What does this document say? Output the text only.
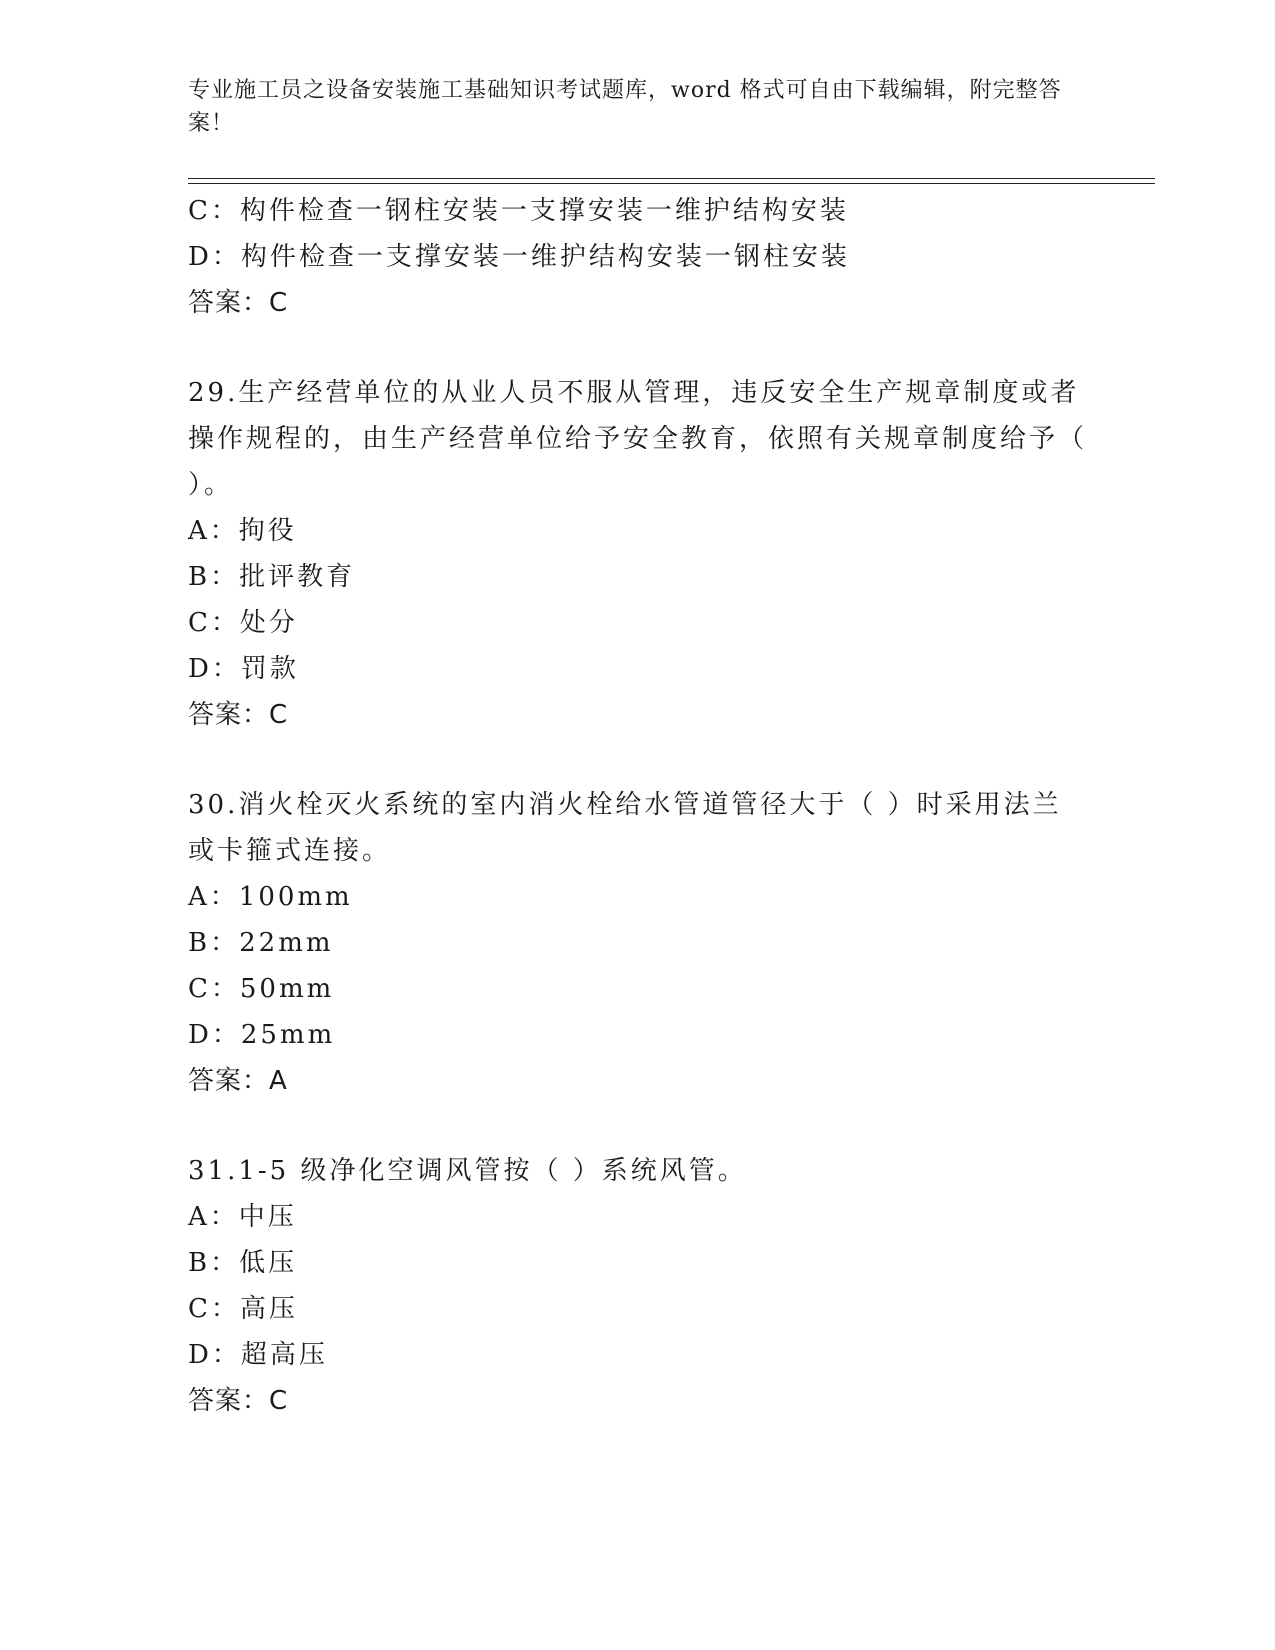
专业施工员之设备安装施工基础知识考试题库，word 格式可自由下载编辑，附完整答案！
C：构件检查一钢柱安装一支撑安装一维护结构安装
D：构件检查一支撑安装一维护结构安装一钢柱安装
答案：C
29.生产经营单位的从业人员不服从管理，违反安全生产规章制度或者操作规程的，由生产经营单位给予安全教育，依照有关规章制度给予（ ）。
A：拘役
B：批评教育
C：处分
D：罚款
答案：C
30.消火栓灭火系统的室内消火栓给水管道管径大于（ ）时采用法兰或卡箍式连接。
A：100mm
B：22mm
C：50mm
D：25mm
答案：A
31.1-5 级净化空调风管按（ ）系统风管。
A：中压
B：低压
C：高压
D：超高压
答案：C
